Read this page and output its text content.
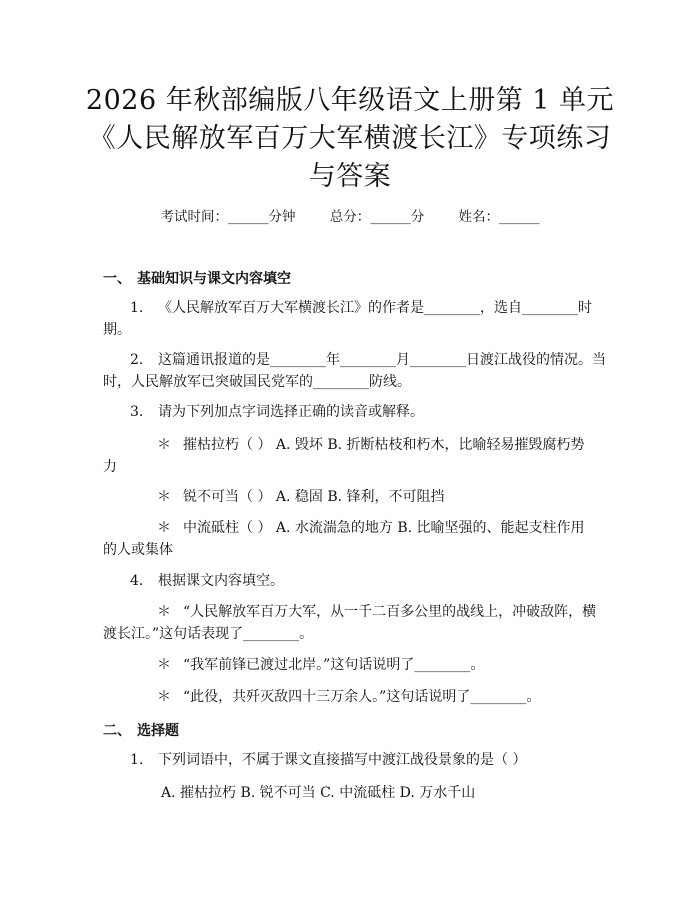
2026 年秋部编版八年级语文上册第 1 单元
《人民解放军百万大军横渡长江》专项练习
与答案
考试时间：______分钟	总分：______分	姓名：______
一、 基础知识与课文内容填空
1. 《人民解放军百万大军横渡长江》的作者是________，选自________时
期。
2. 这篇通讯报道的是________年________月________日渡江战役的情况。当
时，人民解放军已突破国民党军的________防线。
3. 请为下列加点字词选择正确的读音或解释。
＊ 摧枯拉朽（ ） A. 毁坏 B. 折断枯枝和朽木，比喻轻易摧毁腐朽势
力
＊ 锐不可当（ ） A. 稳固 B. 锋利，不可阻挡
＊ 中流砥柱（ ） A. 水流湍急的地方 B. 比喻坚强的、能起支柱作用
的人或集体
4. 根据课文内容填空。
＊ “人民解放军百万大军，从一千二百多公里的战线上，冲破敌阵，横
渡长江。”这句话表现了________。
＊ “我军前锋已渡过北岸。”这句话说明了________。
＊ “此役，共歼灭敌四十三万余人。”这句话说明了________。
二、 选择题
1. 下列词语中，不属于课文直接描写中渡江战役景象的是（ ）
A. 摧枯拉朽 B. 锐不可当 C. 中流砥柱 D. 万水千山
